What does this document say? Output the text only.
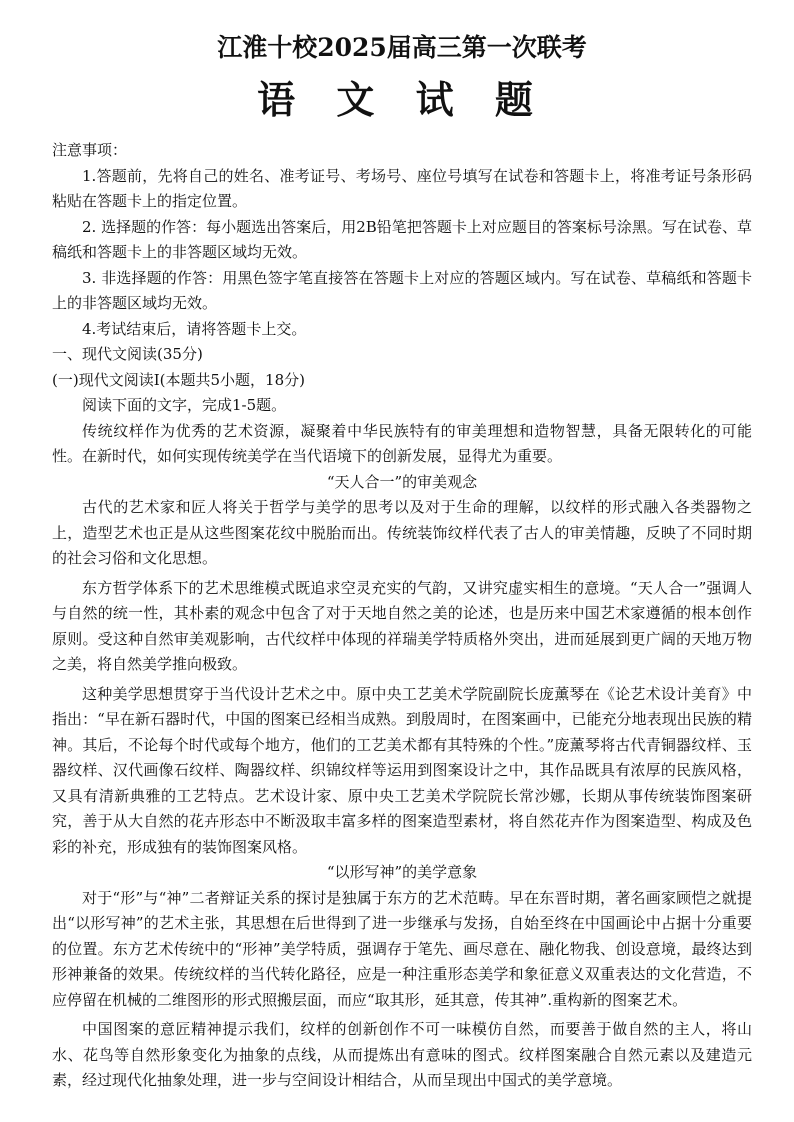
江淮十校2025届高三第一次联考
语 文 试 题

注意事项：

1.答题前，先将自己的姓名、准考证号、考场号、座位号填写在试卷和答题卡上，将准考证号条形码粘贴在答题卡上的指定位置。

2. 选择题的作答：每小题选出答案后，用2B铅笔把答题卡上对应题目的答案标号涂黑。写在试卷、草稿纸和答题卡上的非答题区域均无效。

3. 非选择题的作答：用黑色签字笔直接答在答题卡上对应的答题区域内。写在试卷、草稿纸和答题卡上的非答题区域均无效。

4.考试结束后，请将答题卡上交。

一、现代文阅读(35分)

(一)现代文阅读I(本题共5小题，18分)

阅读下面的文字，完成1-5题。

传统纹样作为优秀的艺术资源，凝聚着中华民族特有的审美理想和造物智慧，具备无限转化的可能性。在新时代，如何实现传统美学在当代语境下的创新发展，显得尤为重要。

“天人合一”的审美观念

古代的艺术家和匠人将关于哲学与美学的思考以及对于生命的理解，以纹样的形式融入各类器物之上，造型艺术也正是从这些图案花纹中脱胎而出。传统装饰纹样代表了古人的审美情趣，反映了不同时期的社会习俗和文化思想。

东方哲学体系下的艺术思维模式既追求空灵充实的气韵，又讲究虚实相生的意境。“天人合一”强调人与自然的统一性，其朴素的观念中包含了对于天地自然之美的论述，也是历来中国艺术家遵循的根本创作原则。受这种自然审美观影响，古代纹样中体现的祥瑞美学特质格外突出，进而延展到更广阔的天地万物之美，将自然美学推向极致。

这种美学思想贯穿于当代设计艺术之中。原中央工艺美术学院副院长庞薰琴在《论艺术设计美育》中指出：“早在新石器时代，中国的图案已经相当成熟。到殷周时，在图案画中，已能充分地表现出民族的精神。其后，不论每个时代或每个地方，他们的工艺美术都有其特殊的个性。”庞薰琴将古代青铜器纹样、玉器纹样、汉代画像石纹样、陶器纹样、织锦纹样等运用到图案设计之中，其作品既具有浓厚的民族风格，又具有清新典雅的工艺特点。艺术设计家、原中央工艺美术学院院长常沙娜，长期从事传统装饰图案研究，善于从大自然的花卉形态中不断汲取丰富多样的图案造型素材，将自然花卉作为图案造型、构成及色彩的补充，形成独有的装饰图案风格。

“以形写神”的美学意象

对于“形”与“神”二者辩证关系的探讨是独属于东方的艺术范畴。早在东晋时期，著名画家顾恺之就提出“以形写神”的艺术主张，其思想在后世得到了进一步继承与发扬，自始至终在中国画论中占据十分重要的位置。东方艺术传统中的“形神”美学特质，强调存于笔先、画尽意在、融化物我、创设意境，最终达到形神兼备的效果。传统纹样的当代转化路径，应是一种注重形态美学和象征意义双重表达的文化营造，不应停留在机械的二维图形的形式照搬层面，而应“取其形，延其意，传其神”.重构新的图案艺术。

中国图案的意匠精神提示我们，纹样的创新创作不可一味模仿自然，而要善于做自然的主人，将山水、花鸟等自然形象变化为抽象的点线，从而提炼出有意味的图式。纹样图案融合自然元素以及建造元素，经过现代化抽象处理，进一步与空间设计相结合，从而呈现出中国式的美学意境。
